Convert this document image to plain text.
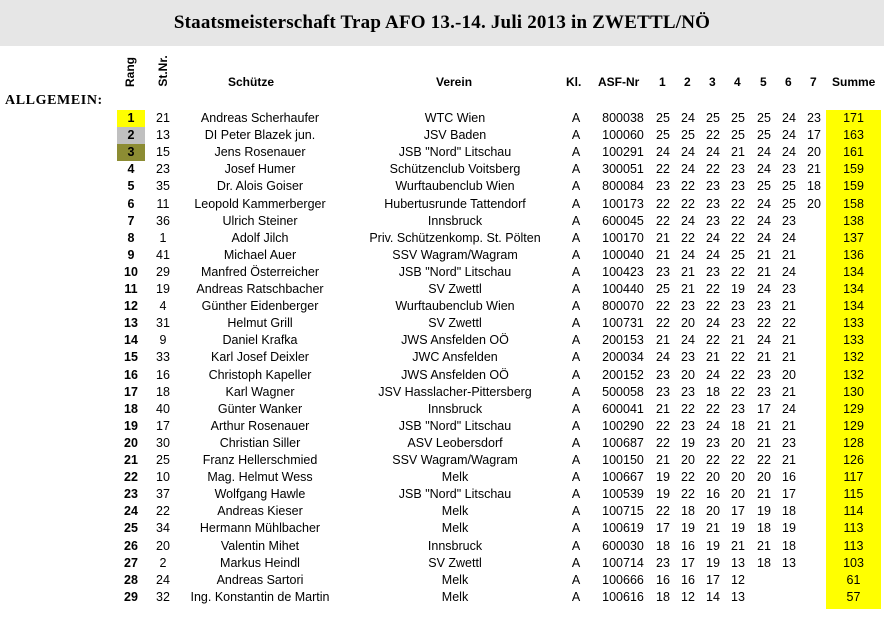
Staatsmeisterschaft Trap AFO 13.-14. Juli 2013 in ZWETTL/NÖ
ALLGEMEIN:
Rang St.Nr.	Schütze	Verein	Kl. ASF-Nr 1 2 3 4 5 6 7 Summe
1	21	Andreas Scherhaufer	WTC Wien	A	800038 25 24 25 25 25 24 23	171
2	13	DI Peter Blazek jun.	JSV Baden	A	100060 25 25 22 25 25 24 17	163
3	15	Jens Rosenauer	JSB "Nord" Litschau	A	100291 24 24 24 21 24 24 20	161
4	23	Josef Humer	Schützenclub Voitsberg	A	300051 22 24 22 23 24 23 21	159
5	35	Dr. Alois Goiser	Wurftaubenclub Wien	A	800084 23 22 23 23 25 25 18	159
6	11	Leopold Kammerberger	Hubertusrunde Tattendorf	A	100173 22 22 23 22 24 25 20	158
7	36	Ulrich Steiner	Innsbruck	A	600045 22 24 23 22 24 23	138
8	1	Adolf Jilch	Priv. Schützenkomp. St. Pölten	A	100170 21 22 24 22 24 24	137
9	41	Michael Auer	SSV Wagram/Wagram	A	100040 21 24 24 25 21 21	136
10	29	Manfred Österreicher	JSB "Nord" Litschau	A	100423 23 21 23 22 21 24	134
11	19	Andreas Ratschbacher	SV Zwettl	A	100440 25 21 22 19 24 23	134
12	4	Günther Eidenberger	Wurftaubenclub Wien	A	800070 22 23 22 23 23 21	134
13	31	Helmut Grill	SV Zwettl	A	100731 22 20 24 23 22 22	133
14	9	Daniel Krafka	JWS Ansfelden OÖ	A	200153 21 24 22 21 24 21	133
15	33	Karl Josef Deixler	JWC Ansfelden	A	200034 24 23 21 22 21 21	132
16	16	Christoph Kapeller	JWS Ansfelden OÖ	A	200152 23 20 24 22 23 20	132
17	18	Karl Wagner	JSV Hasslacher-Pittersberg	A	500058 23 23 18 22 23 21	130
18	40	Günter Wanker	Innsbruck	A	600041 21 22 22 23 17 24	129
19	17	Arthur Rosenauer	JSB "Nord" Litschau	A	100290 22 23 24 18 21 21	129
20	30	Christian Siller	ASV Leobersdorf	A	100687 22 19 23 20 21 23	128
21	25	Franz Hellerschmied	SSV Wagram/Wagram	A	100150 21 20 22 22 22 21	126
22	10	Mag. Helmut Wess	Melk	A	100667 19 22 20 20 20 16	117
23	37	Wolfgang Hawle	JSB "Nord" Litschau	A	100539 19 22 16 20 21 17	115
24	22	Andreas Kieser	Melk	A	100715 22 18 20 17 19 18	114
25	34	Hermann Mühlbacher	Melk	A	100619 17 19 21 19 18 19	113
26	20	Valentin Mihet	Innsbruck	A	600030 18 16 19 21 21 18	113
27	2	Markus Heindl	SV Zwettl	A	100714 23 17 19 13 18 13	103
28	24	Andreas Sartori	Melk	A	100666 16 16 17 12	61
29	32	Ing. Konstantin de Martin	Melk	A	100616 18 12 14 13	57
